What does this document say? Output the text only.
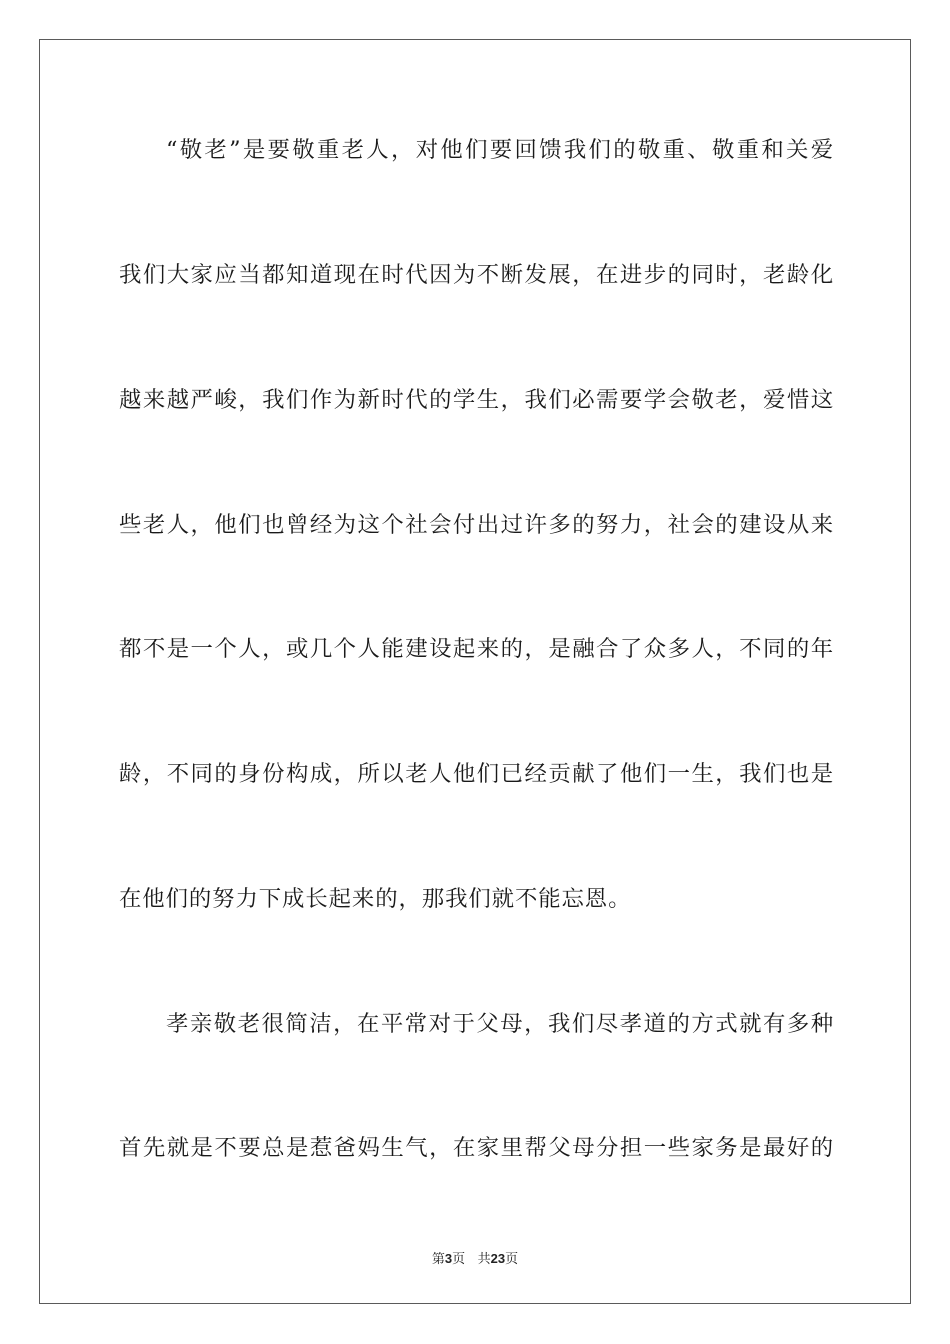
“敬老”是要敬重老人，对他们要回馈我们的敬重、敬重和关爱
我们大家应当都知道现在时代因为不断发展，在进步的同时，老龄化
越来越严峻，我们作为新时代的学生，我们必需要学会敬老，爱惜这
些老人，他们也曾经为这个社会付出过许多的努力，社会的建设从来
都不是一个人，或几个人能建设起来的，是融合了众多人，不同的年
龄，不同的身份构成，所以老人他们已经贡献了他们一生，我们也是
在他们的努力下成长起来的，那我们就不能忘恩。
孝亲敬老很简洁，在平常对于父母，我们尽孝道的方式就有多种
首先就是不要总是惹爸妈生气，在家里帮父母分担一些家务是最好的
第3页 共23页
